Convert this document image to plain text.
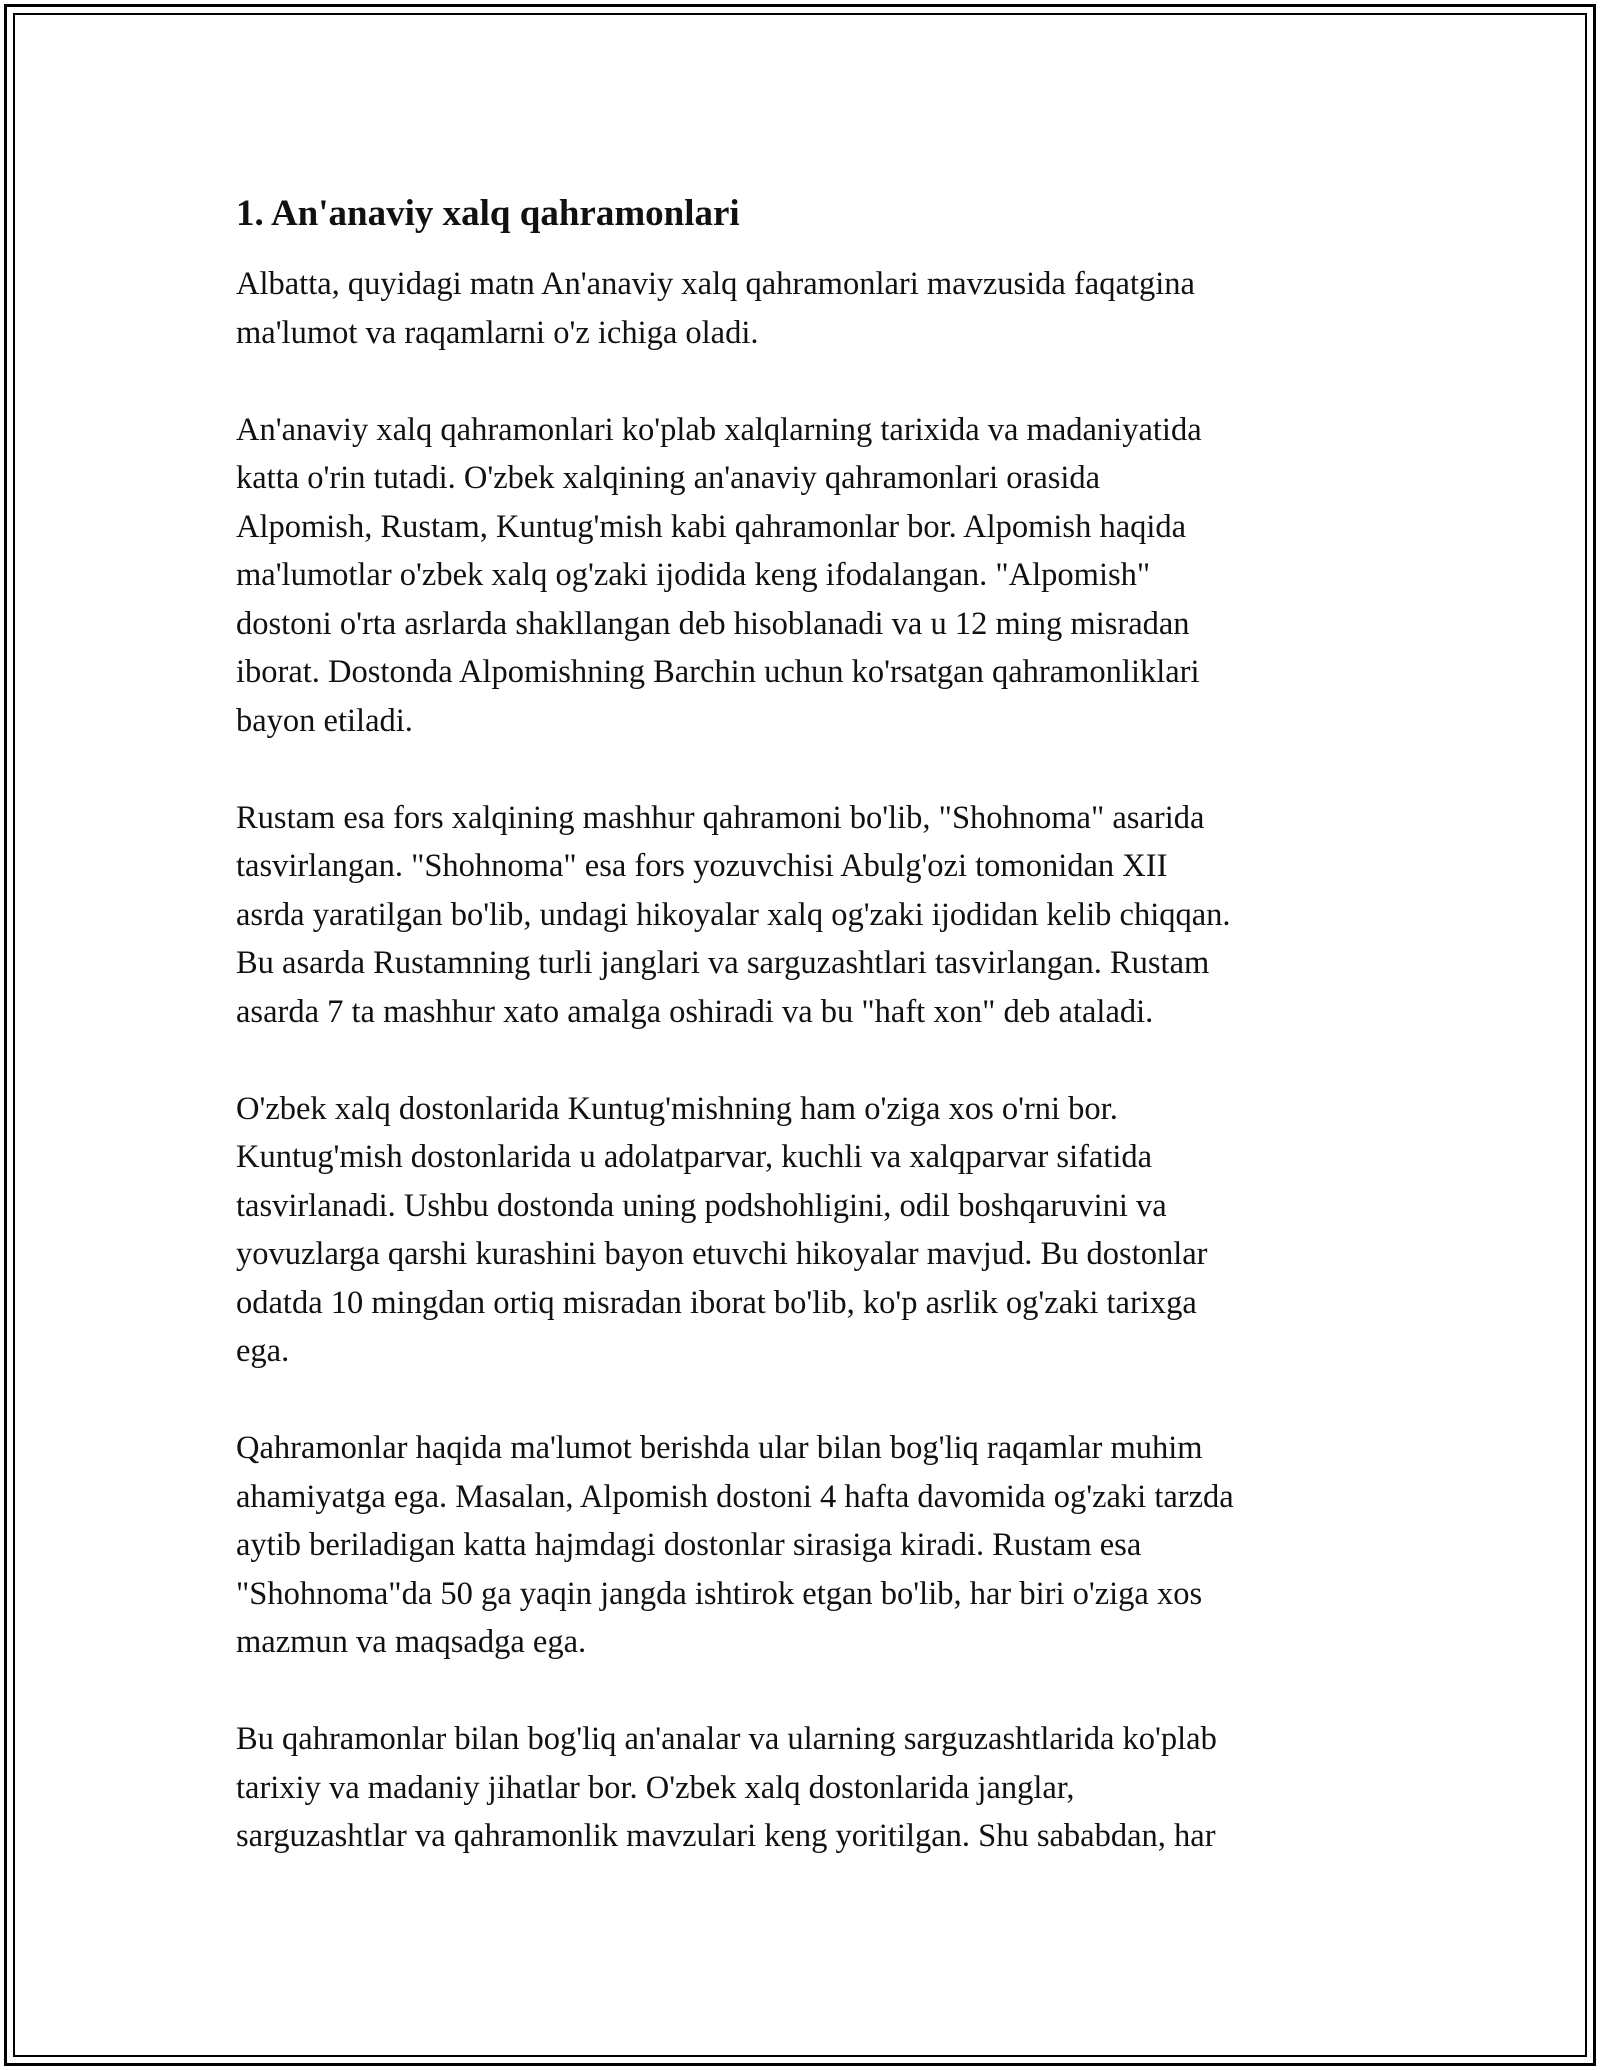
1. An'anaviy xalq qahramonlari

Albatta, quyidagi matn An'anaviy xalq qahramonlari mavzusida faqatgina
ma'lumot va raqamlarni o'z ichiga oladi.

An'anaviy xalq qahramonlari ko'plab xalqlarning tarixida va madaniyatida
katta o'rin tutadi. O'zbek xalqining an'anaviy qahramonlari orasida
Alpomish, Rustam, Kuntug'mish kabi qahramonlar bor. Alpomish haqida
ma'lumotlar o'zbek xalq og'zaki ijodida keng ifodalangan. "Alpomish"
dostoni o'rta asrlarda shakllangan deb hisoblanadi va u 12 ming misradan
iborat. Dostonda Alpomishning Barchin uchun ko'rsatgan qahramonliklari
bayon etiladi.

Rustam esa fors xalqining mashhur qahramoni bo'lib, "Shohnoma" asarida
tasvirlangan. "Shohnoma" esa fors yozuvchisi Abulg'ozi tomonidan XII
asrda yaratilgan bo'lib, undagi hikoyalar xalq og'zaki ijodidan kelib chiqqan.
Bu asarda Rustamning turli janglari va sarguzashtlari tasvirlangan. Rustam
asarda 7 ta mashhur xato amalga oshiradi va bu "haft xon" deb ataladi.

O'zbek xalq dostonlarida Kuntug'mishning ham o'ziga xos o'rni bor.
Kuntug'mish dostonlarida u adolatparvar, kuchli va xalqparvar sifatida
tasvirlanadi. Ushbu dostonda uning podshohligini, odil boshqaruvini va
yovuzlarga qarshi kurashini bayon etuvchi hikoyalar mavjud. Bu dostonlar
odatda 10 mingdan ortiq misradan iborat bo'lib, ko'p asrlik og'zaki tarixga
ega.

Qahramonlar haqida ma'lumot berishda ular bilan bog'liq raqamlar muhim
ahamiyatga ega. Masalan, Alpomish dostoni 4 hafta davomida og'zaki tarzda
aytib beriladigan katta hajmdagi dostonlar sirasiga kiradi. Rustam esa
"Shohnoma"da 50 ga yaqin jangda ishtirok etgan bo'lib, har biri o'ziga xos
mazmun va maqsadga ega.

Bu qahramonlar bilan bog'liq an'analar va ularning sarguzashtlarida ko'plab
tarixiy va madaniy jihatlar bor. O'zbek xalq dostonlarida janglar,
sarguzashtlar va qahramonlik mavzulari keng yoritilgan. Shu sababdan, har
